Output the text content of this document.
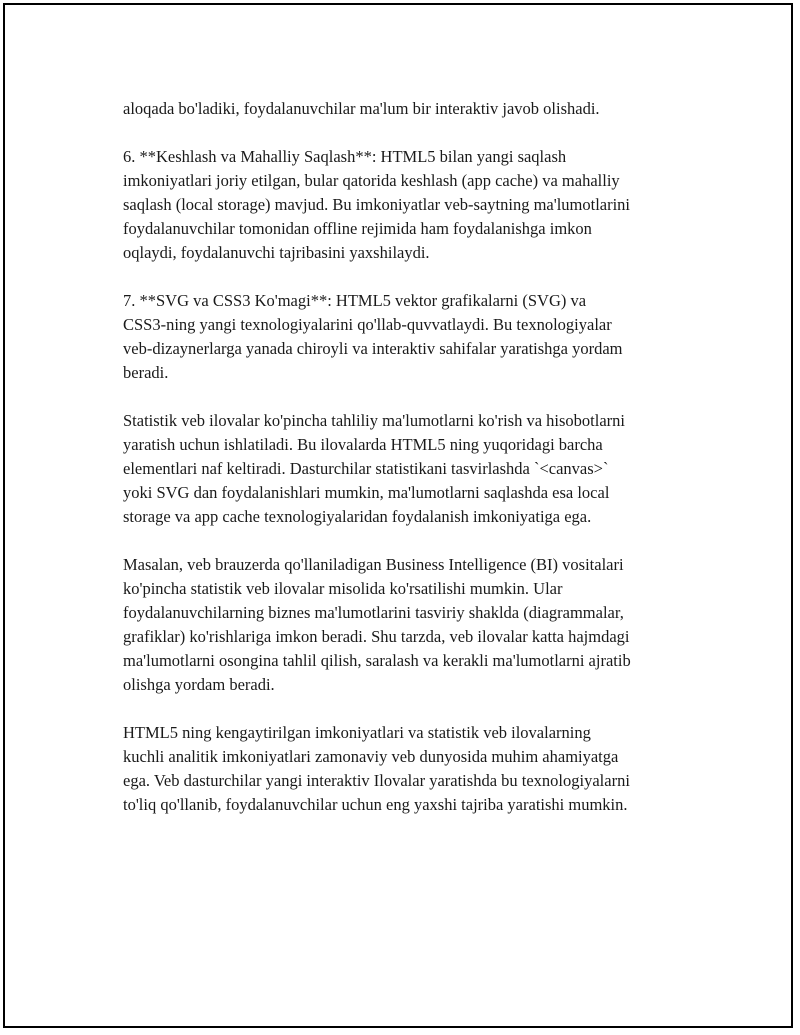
aloqada bo'ladiki, foydalanuvchilar ma'lum bir interaktiv javob olishadi.

6. **Keshlash va Mahalliy Saqlash**: HTML5 bilan yangi saqlash
imkoniyatlari joriy etilgan, bular qatorida keshlash (app cache) va mahalliy
saqlash (local storage) mavjud. Bu imkoniyatlar veb-saytning ma'lumotlarini
foydalanuvchilar tomonidan offline rejimida ham foydalanishga imkon
oqlaydi, foydalanuvchi tajribasini yaxshilaydi.

7. **SVG va CSS3 Ko'magi**: HTML5 vektor grafikalarni (SVG) va
CSS3-ning yangi texnologiyalarini qo'llab-quvvatlaydi. Bu texnologiyalar
veb-dizaynerlarga yanada chiroyli va interaktiv sahifalar yaratishga yordam
beradi.

Statistik veb ilovalar ko'pincha tahliliy ma'lumotlarni ko'rish va hisobotlarni
yaratish uchun ishlatiladi. Bu ilovalarda HTML5 ning yuqoridagi barcha
elementlari naf keltiradi. Dasturchilar statistikani tasvirlashda `<canvas>`
yoki SVG dan foydalanishlari mumkin, ma'lumotlarni saqlashda esa local
storage va app cache texnologiyalaridan foydalanish imkoniyatiga ega.

Masalan, veb brauzerda qo'llaniladigan Business Intelligence (BI) vositalari
ko'pincha statistik veb ilovalar misolida ko'rsatilishi mumkin. Ular
foydalanuvchilarning biznes ma'lumotlarini tasviriy shaklda (diagrammalar,
grafiklar) ko'rishlariga imkon beradi. Shu tarzda, veb ilovalar katta hajmdagi
ma'lumotlarni osongina tahlil qilish, saralash va kerakli ma'lumotlarni ajratib
olishga yordam beradi.

HTML5 ning kengaytirilgan imkoniyatlari va statistik veb ilovalarning
kuchli analitik imkoniyatlari zamonaviy veb dunyosida muhim ahamiyatga
ega. Veb dasturchilar yangi interaktiv Ilovalar yaratishda bu texnologiyalarni
to'liq qo'llanib, foydalanuvchilar uchun eng yaxshi tajriba yaratishi mumkin.
